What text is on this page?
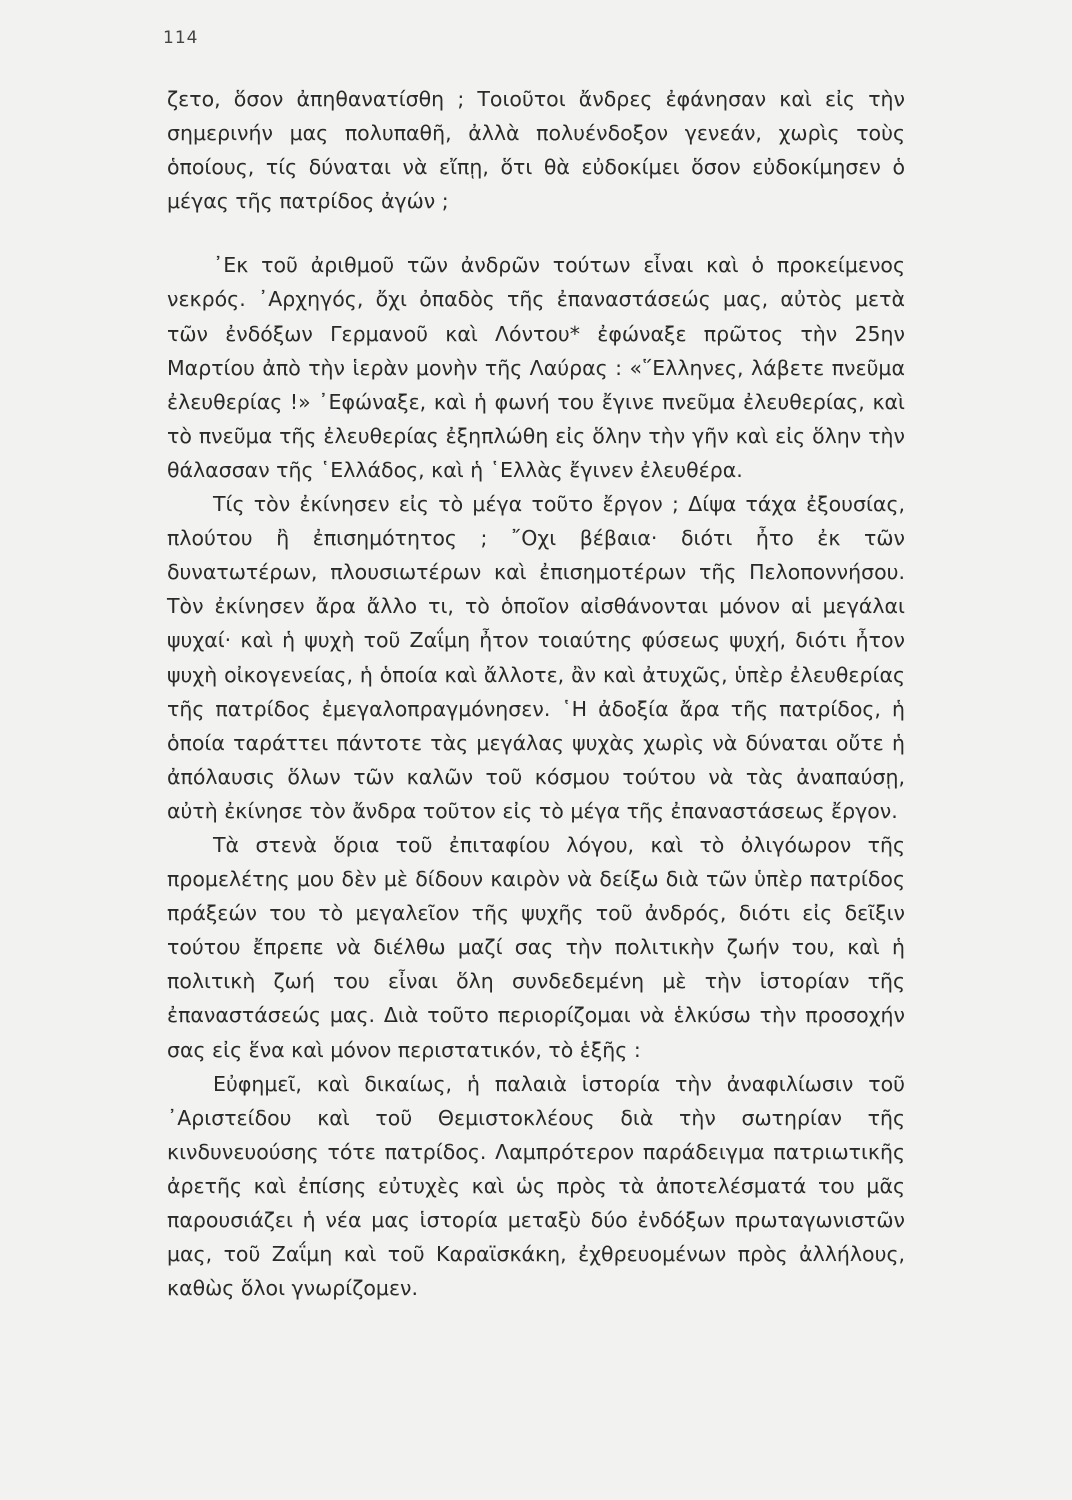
114

ζετο, ὅσον ἀπηθανατίσθη ; Τοιοῦτοι ἄνδρες ἐφάνησαν καὶ εἰς τὴν σημερινήν μας πολυπαθῆ, ἀλλὰ πολυένδοξον γενεάν, χωρὶς τοὺς ὁποίους, τίς δύναται νὰ εἴπῃ, ὅτι θὰ εὐδοκίμει ὅσον εὐδοκίμησεν ὁ μέγας τῆς πατρίδος ἀγών ;

᾿Εκ τοῦ ἀριθμοῦ τῶν ἀνδρῶν τούτων εἶναι καὶ ὁ προκείμενος νεκρός. ᾿Αρχηγός, ὄχι ὀπαδὸς τῆς ἐπαναστάσεώς μας, αὐτὸς μετὰ τῶν ἐνδόξων Γερμανοῦ καὶ Λόντου* ἐφώναξε πρῶτος τὴν 25ην Μαρτίου ἀπὸ τὴν ἱερὰν μονὴν τῆς Λαύρας : «῞Ελληνες, λάβετε πνεῦμα ἐλευθερίας !» ᾿Εφώναξε, καὶ ἡ φωνή του ἔγινε πνεῦμα ἐλευθερίας, καὶ τὸ πνεῦμα τῆς ἐλευθερίας ἐξηπλώθη εἰς ὅλην τὴν γῆν καὶ εἰς ὅλην τὴν θάλασσαν τῆς ῾Ελλάδος, καὶ ἡ ῾Ελλὰς ἔγινεν ἐλευθέρα.

Τίς τὸν ἐκίνησεν εἰς τὸ μέγα τοῦτο ἔργον ; Δίψα τάχα ἐξουσίας, πλούτου ἢ ἐπισημότητος ; ῎Οχι βέβαια· διότι ἦτο ἐκ τῶν δυνατωτέρων, πλουσιωτέρων καὶ ἐπισημοτέρων τῆς Πελοποννήσου. Τὸν ἐκίνησεν ἄρα ἄλλο τι, τὸ ὁποῖον αἰσθάνονται μόνον αἱ μεγάλαι ψυχαί· καὶ ἡ ψυχὴ τοῦ Ζαΐμη ἦτον τοιαύτης φύσεως ψυχή, διότι ἦτον ψυχὴ οἰκογενείας, ἡ ὁποία καὶ ἄλλοτε, ἂν καὶ ἀτυχῶς, ὑπὲρ ἐλευθερίας τῆς πατρίδος ἐμεγαλοπραγμόνησεν. ῾Η ἀδοξία ἄρα τῆς πατρίδος, ἡ ὁποία ταράττει πάντοτε τὰς μεγάλας ψυχὰς χωρὶς νὰ δύναται οὔτε ἡ ἀπόλαυσις ὅλων τῶν καλῶν τοῦ κόσμου τούτου νὰ τὰς ἀναπαύσῃ, αὐτὴ ἐκίνησε τὸν ἄνδρα τοῦτον εἰς τὸ μέγα τῆς ἐπαναστάσεως ἔργον.

Τὰ στενὰ ὅρια τοῦ ἐπιταφίου λόγου, καὶ τὸ ὀλιγόωρον τῆς προμελέτης μου δὲν μὲ δίδουν καιρὸν νὰ δείξω διὰ τῶν ὑπὲρ πατρίδος πράξεών του τὸ μεγαλεῖον τῆς ψυχῆς τοῦ ἀνδρός, διότι εἰς δεῖξιν τούτου ἔπρεπε νὰ διέλθω μαζί σας τὴν πολιτικὴν ζωήν του, καὶ ἡ πολιτικὴ ζωή του εἶναι ὅλη συνδεδεμένη μὲ τὴν ἱστορίαν τῆς ἐπαναστάσεώς μας. Διὰ τοῦτο περιορίζομαι νὰ ἑλκύσω τὴν προσοχήν σας εἰς ἕνα καὶ μόνον περιστατικόν, τὸ ἑξῆς :

Εὐφημεῖ, καὶ δικαίως, ἡ παλαιὰ ἱστορία τὴν ἀναφιλίωσιν τοῦ ᾿Αριστείδου καὶ τοῦ Θεμιστοκλέους διὰ τὴν σωτηρίαν τῆς κινδυνευούσης τότε πατρίδος. Λαμπρότερον παράδειγμα πατριωτικῆς ἀρετῆς καὶ ἐπίσης εὐτυχὲς καὶ ὡς πρὸς τὰ ἀποτελέσματά του μᾶς παρουσιάζει ἡ νέα μας ἱστορία μεταξὺ δύο ἐνδόξων πρωταγωνιστῶν μας, τοῦ Ζαΐμη καὶ τοῦ Καραϊσκάκη, ἐχθρευομένων πρὸς ἀλλήλους, καθὼς ὅλοι γνωρίζομεν.
